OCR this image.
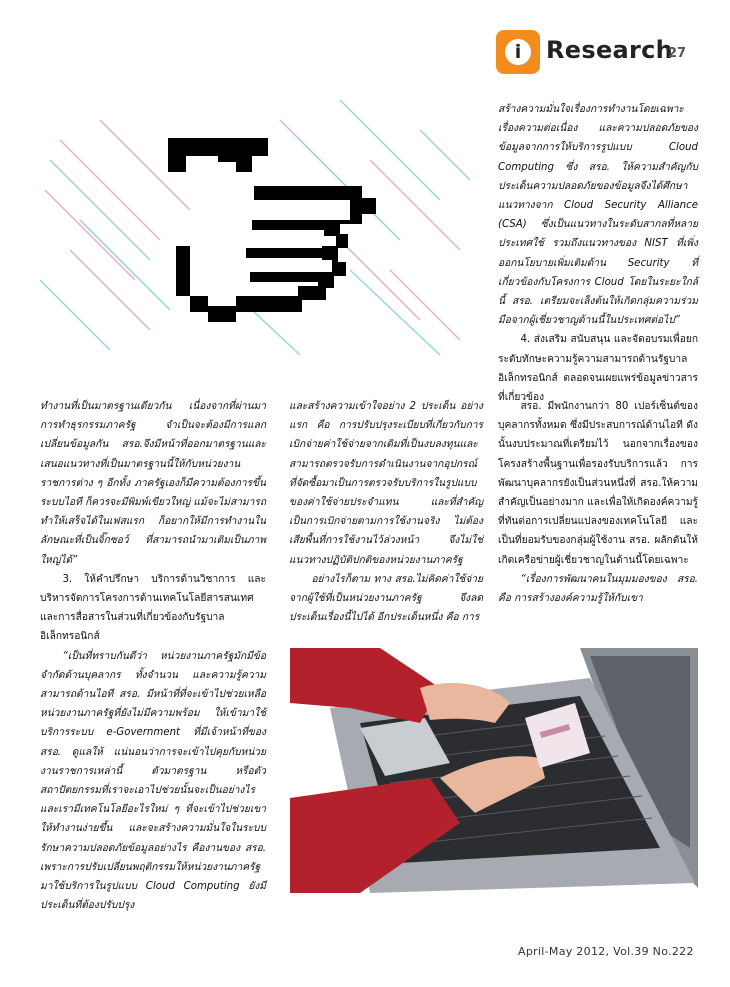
i	Research
27

สร้างความมั่นใจเรื่องการทำงานโดยเฉพาะเรื่องความต่อเนื่อง และความปลอดภัยของข้อมูลจากการให้บริการรูปแบบ Cloud Computing ซึ่ง สรอ. ให้ความสำคัญกับประเด็นความปลอดภัยของข้อมูลจึงได้ศึกษาแนวทางจาก Cloud Security Alliance (CSA) ซึ่งเป็นแนวทางในระดับสากลที่หลายประเทศใช้ รวมถึงแนวทางของ NIST ที่เพิ่งออกนโยบายเพิ่มเติมด้าน Security ที่เกี่ยวข้องกับโครงการ Cloud โดยในระยะใกล้นี้ สรอ. เตรียมจะเล็งต้นให้เกิดกลุ่มความร่วมมือจากผู้เชี่ยวชาญด้านนี้ในประเทศต่อไป”

4. ส่งเสริม สนับสนุน และจัดอบรมเพื่อยกระดับทักษะความรู้ความสามารถด้านรัฐบาลอิเล็กทรอนิกส์ ตลอดจนเผยแพร่ข้อมูลข่าวสารที่เกี่ยวข้อง

ทำงานที่เป็นมาตรฐานเดียวกัน เนื่องจากที่ผ่านมา การทำธุรกรรมภาครัฐ จำเป็นจะต้องมีการแลกเปลี่ยนข้อมูลกัน สรอ.จึงมีหน้าที่ออกมาตรฐานและเสนอแนวทางที่เป็นมาตรฐานนี้ให้กับหน่วยงานราชการต่าง ๆ อีกทั้ง ภาครัฐเองก็มีความต้องการขึ้นระบบไอที ก็ควรจะมีพิมพ์เขียวใหญ่ แม้จะไม่สามารถทำให้เสร็จได้ในเฟสแรก ก็อยากให้มีการทำงานในลักษณะที่เป็นจิ๊กซอว์ ที่สามารถนำมาเติมเป็นภาพใหญ่ได้”

3. ให้คำปรึกษา บริการด้านวิชาการ และบริหารจัดการโครงการด้านเทคโนโลยีสารสนเทศและการสื่อสารในส่วนที่เกี่ยวข้องกับรัฐบาลอิเล็กทรอนิกส์

“เป็นที่ทราบกันดีว่า หน่วยงานภาครัฐมักมีข้อจำกัดด้านบุคลากร ทั้งจำนวน และความรู้ความสามารถด้านไอที สรอ. มีหน้าที่ที่จะเข้าไปช่วยเหลือหน่วยงานภาครัฐที่ยังไม่มีความพร้อม ให้เข้ามาใช้บริการระบบ e-Government ที่มีเจ้าหน้าที่ของ สรอ. ดูแลให้ แน่นอนว่าการจะเข้าไปคุยกับหน่วยงานราชการเหล่านี้ ตัวมาตรฐาน หรือตัวสถาปัตยกรรมที่เราจะเอาไปช่วยนั้นจะเป็นอย่างไร และเรามีเทคโนโลยีอะไรใหม่ ๆ ที่จะเข้าไปช่วยเขาให้ทำงานง่ายขึ้น และจะสร้างความมั่นใจในระบบรักษาความปลอดภัยข้อมูลอย่างไร คืองานของ สรอ. เพราะการปรับเปลี่ยนพฤติกรรมให้หน่วยงานภาครัฐมาใช้บริการในรูปแบบ Cloud Computing ยังมีประเด็นที่ต้องปรับปรุง

และสร้างความเข้าใจอย่าง 2 ประเด็น อย่างแรก คือ การปรับปรุงระเบียบที่เกี่ยวกับการเบิกจ่ายค่าใช้จ่ายจากเดิมที่เป็นงบลงทุนและสามารถตรวจรับการดำเนินงานจากอุปกรณ์ที่จัดซื้อมาเป็นการตรวจรับบริการในรูปแบบของค่าใช้จ่ายประจำแทน และที่สำคัญเป็นการเบิกจ่ายตามการใช้งานจริง ไม่ต้องเสียพื้นที่การใช้งานไว้ล่วงหน้า จึงไม่ใช่แนวทางปฏิบัติปกติของหน่วยงานภาครัฐ

อย่างไรก็ตาม ทาง สรอ.ไม่คิดค่าใช้จ่ายจากผู้ใช้ที่เป็นหน่วยงานภาครัฐ จึงลดประเด็นเรื่องนี้ไปได้ อีกประเด็นหนึ่ง คือ การ

สรอ. มีพนักงานกว่า 80 เปอร์เซ็นต์ของบุคลากรทั้งหมด ซึ่งมีประสบการณ์ด้านไอที ดังนั้นงบประมาณที่เตรียมไว้ นอกจากเรื่องของโครงสร้างพื้นฐานเพื่อรองรับบริการแล้ว การพัฒนาบุคลากรยังเป็นส่วนหนึ่งที่ สรอ.ให้ความสำคัญเป็นอย่างมาก และเพื่อให้เกิดองค์ความรู้ที่ทันต่อการเปลี่ยนแปลงของเทคโนโลยี และเป็นที่ยอมรับของกลุ่มผู้ใช้งาน สรอ. ผลักดันให้เกิดเครือข่ายผู้เชี่ยวชาญในด้านนี้โดยเฉพาะ

“เรื่องการพัฒนาคนในมุมมองของ สรอ. คือ การสร้างองค์ความรู้ให้กับเขา

April-May 2012, Vol.39 No.222
